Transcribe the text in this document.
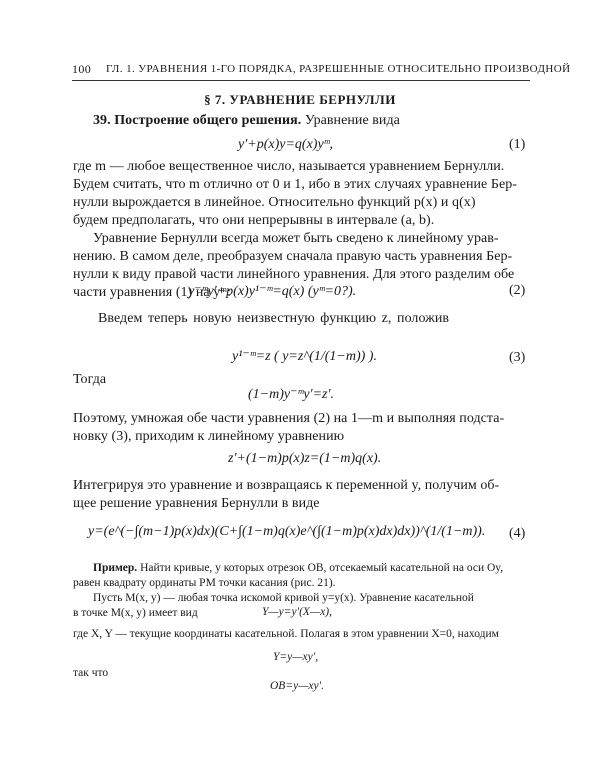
100 ГЛ. 1. УРАВНЕНИЯ 1-ГО ПОРЯДКА, РАЗРЕШЕННЫЕ ОТНОСИТЕЛЬНО ПРОИЗВОДНОЙ
§ 7. УРАВНЕНИЕ БЕРНУЛЛИ
39. Построение общего решения. Уравнение вида
y′+p(x)y=q(x)yᵐ,	(1)
где m — любое вещественное число, называется уравнением Бернулли.
Будем считать, что m отлично от 0 и 1, ибо в этих случаях уравнение Бер-
нулли вырождается в линейное. Относительно функций p(x) и q(x)
будем предполагать, что они непрерывны в интервале (a, b).
Уравнение Бернулли всегда может быть сведено к линейному урав-
нению. В самом деле, преобразуем сначала правую часть уравнения Бер-
нулли к виду правой части линейного уравнения. Для этого разделим обе
части уравнения (1) на yᵐ:
y⁻ᵐy′+p(x)y¹⁻ᵐ=q(x) (yᵐ=0?).	(2)
Введем теперь новую неизвестную функцию z, положив
y¹⁻ᵐ=z ( y=z^(1/(1−m)) ).	(3)
Тогда
(1−m)y⁻ᵐy′=z′.
Поэтому, умножая обе части уравнения (2) на 1—m и выполняя подста-
новку (3), приходим к линейному уравнению
z′+(1−m)p(x)z=(1−m)q(x).
Интегрируя это уравнение и возвращаясь к переменной y, получим об-
щее решение уравнения Бернулли в виде
y=(e^(−∫(m−1)p(x)dx)(C+∫(1−m)q(x)e^(∫(1−m)p(x)dx)dx))^(1/(1−m)). (4)
Пример. Найти кривые, у которых отрезок OB, отсекаемый касательной на оси Oy,
равен квадрату ординаты PM точки касания (рис. 21).
Пусть M(x, y) — любая точка искомой кривой y=y(x). Уравнение касательной
в точке M(x, y) имеет вид	Y—y=y′(X—x),
где X, Y — текущие координаты касательной. Полагая в этом уравнении X=0, находим
Y=y—xy′,
так что
OB=y—xy′.
